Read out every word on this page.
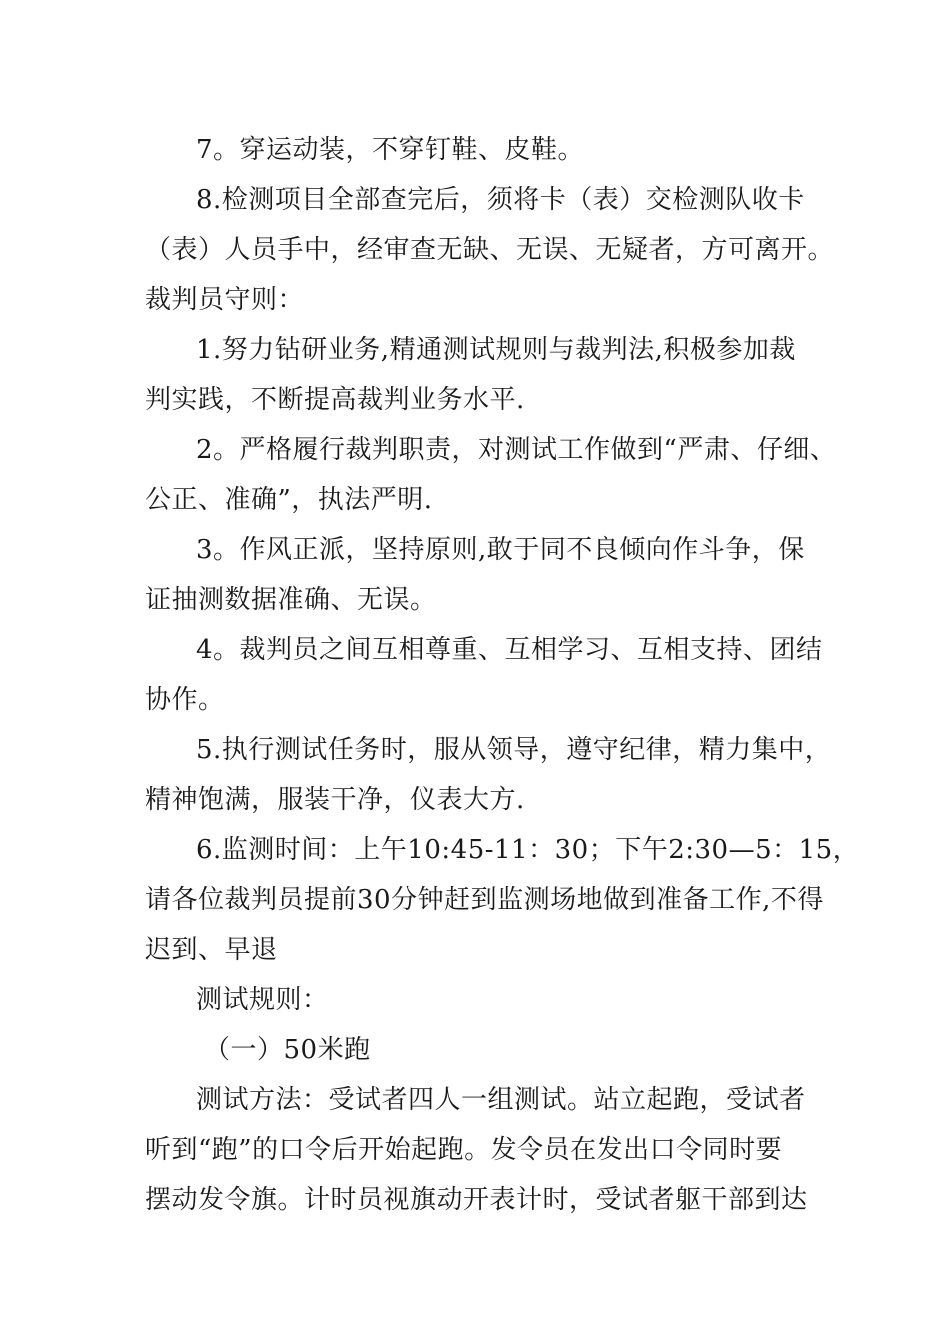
7。穿运动装，不穿钉鞋、皮鞋。
8.检测项目全部查完后，须将卡（表）交检测队收卡
（表）人员手中，经审查无缺、无误、无疑者，方可离开。
裁判员守则：
1.努力钻研业务,精通测试规则与裁判法,积极参加裁
判实践，不断提高裁判业务水平.
2。严格履行裁判职责，对测试工作做到“严肃、仔细、
公正、准确”，执法严明.
3。作风正派，坚持原则,敢于同不良倾向作斗争，保
证抽测数据准确、无误。
4。裁判员之间互相尊重、互相学习、互相支持、团结
协作。
5.执行测试任务时，服从领导，遵守纪律，精力集中，
精神饱满，服装干净，仪表大方.
6.监测时间：上午10:45-11：30；下午2:30—5：15，
请各位裁判员提前30分钟赶到监测场地做到准备工作,不得
迟到、早退
测试规则：
（一）50米跑
测试方法：受试者四人一组测试。站立起跑，受试者
听到“跑”的口令后开始起跑。发令员在发出口令同时要
摆动发令旗。计时员视旗动开表计时，受试者躯干部到达
